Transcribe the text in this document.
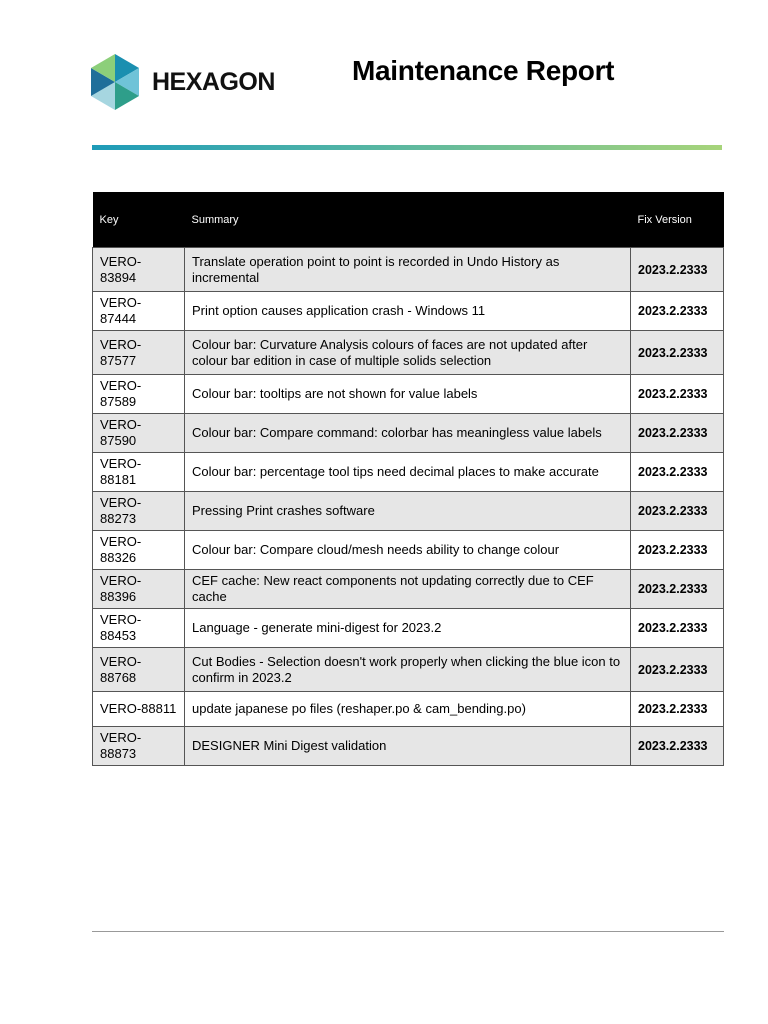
HEXAGON	Maintenance Report
Key	Summary	Fix Version
VERO-83894	Translate operation point to point is recorded in Undo History as incremental	2023.2.2333
VERO-87444	Print option causes application crash - Windows 11	2023.2.2333
VERO-87577	Colour bar: Curvature Analysis colours of faces are not updated after colour bar edition in case of multiple solids selection	2023.2.2333
VERO-87589	Colour bar: tooltips are not shown for value labels	2023.2.2333
VERO-87590	Colour bar: Compare command: colorbar has meaningless value labels	2023.2.2333
VERO-88181	Colour bar: percentage tool tips need decimal places to make accurate	2023.2.2333
VERO-88273	Pressing Print crashes software	2023.2.2333
VERO-88326	Colour bar: Compare cloud/mesh needs ability to change colour	2023.2.2333
VERO-88396	CEF cache: New react components not updating correctly due to CEF cache	2023.2.2333
VERO-88453	Language - generate mini-digest for 2023.2	2023.2.2333
VERO-88768	Cut Bodies - Selection doesn't work properly when clicking the blue icon to confirm in 2023.2	2023.2.2333
VERO-88811	update japanese po files (reshaper.po & cam_bending.po)	2023.2.2333
VERO-88873	DESIGNER Mini Digest validation	2023.2.2333
